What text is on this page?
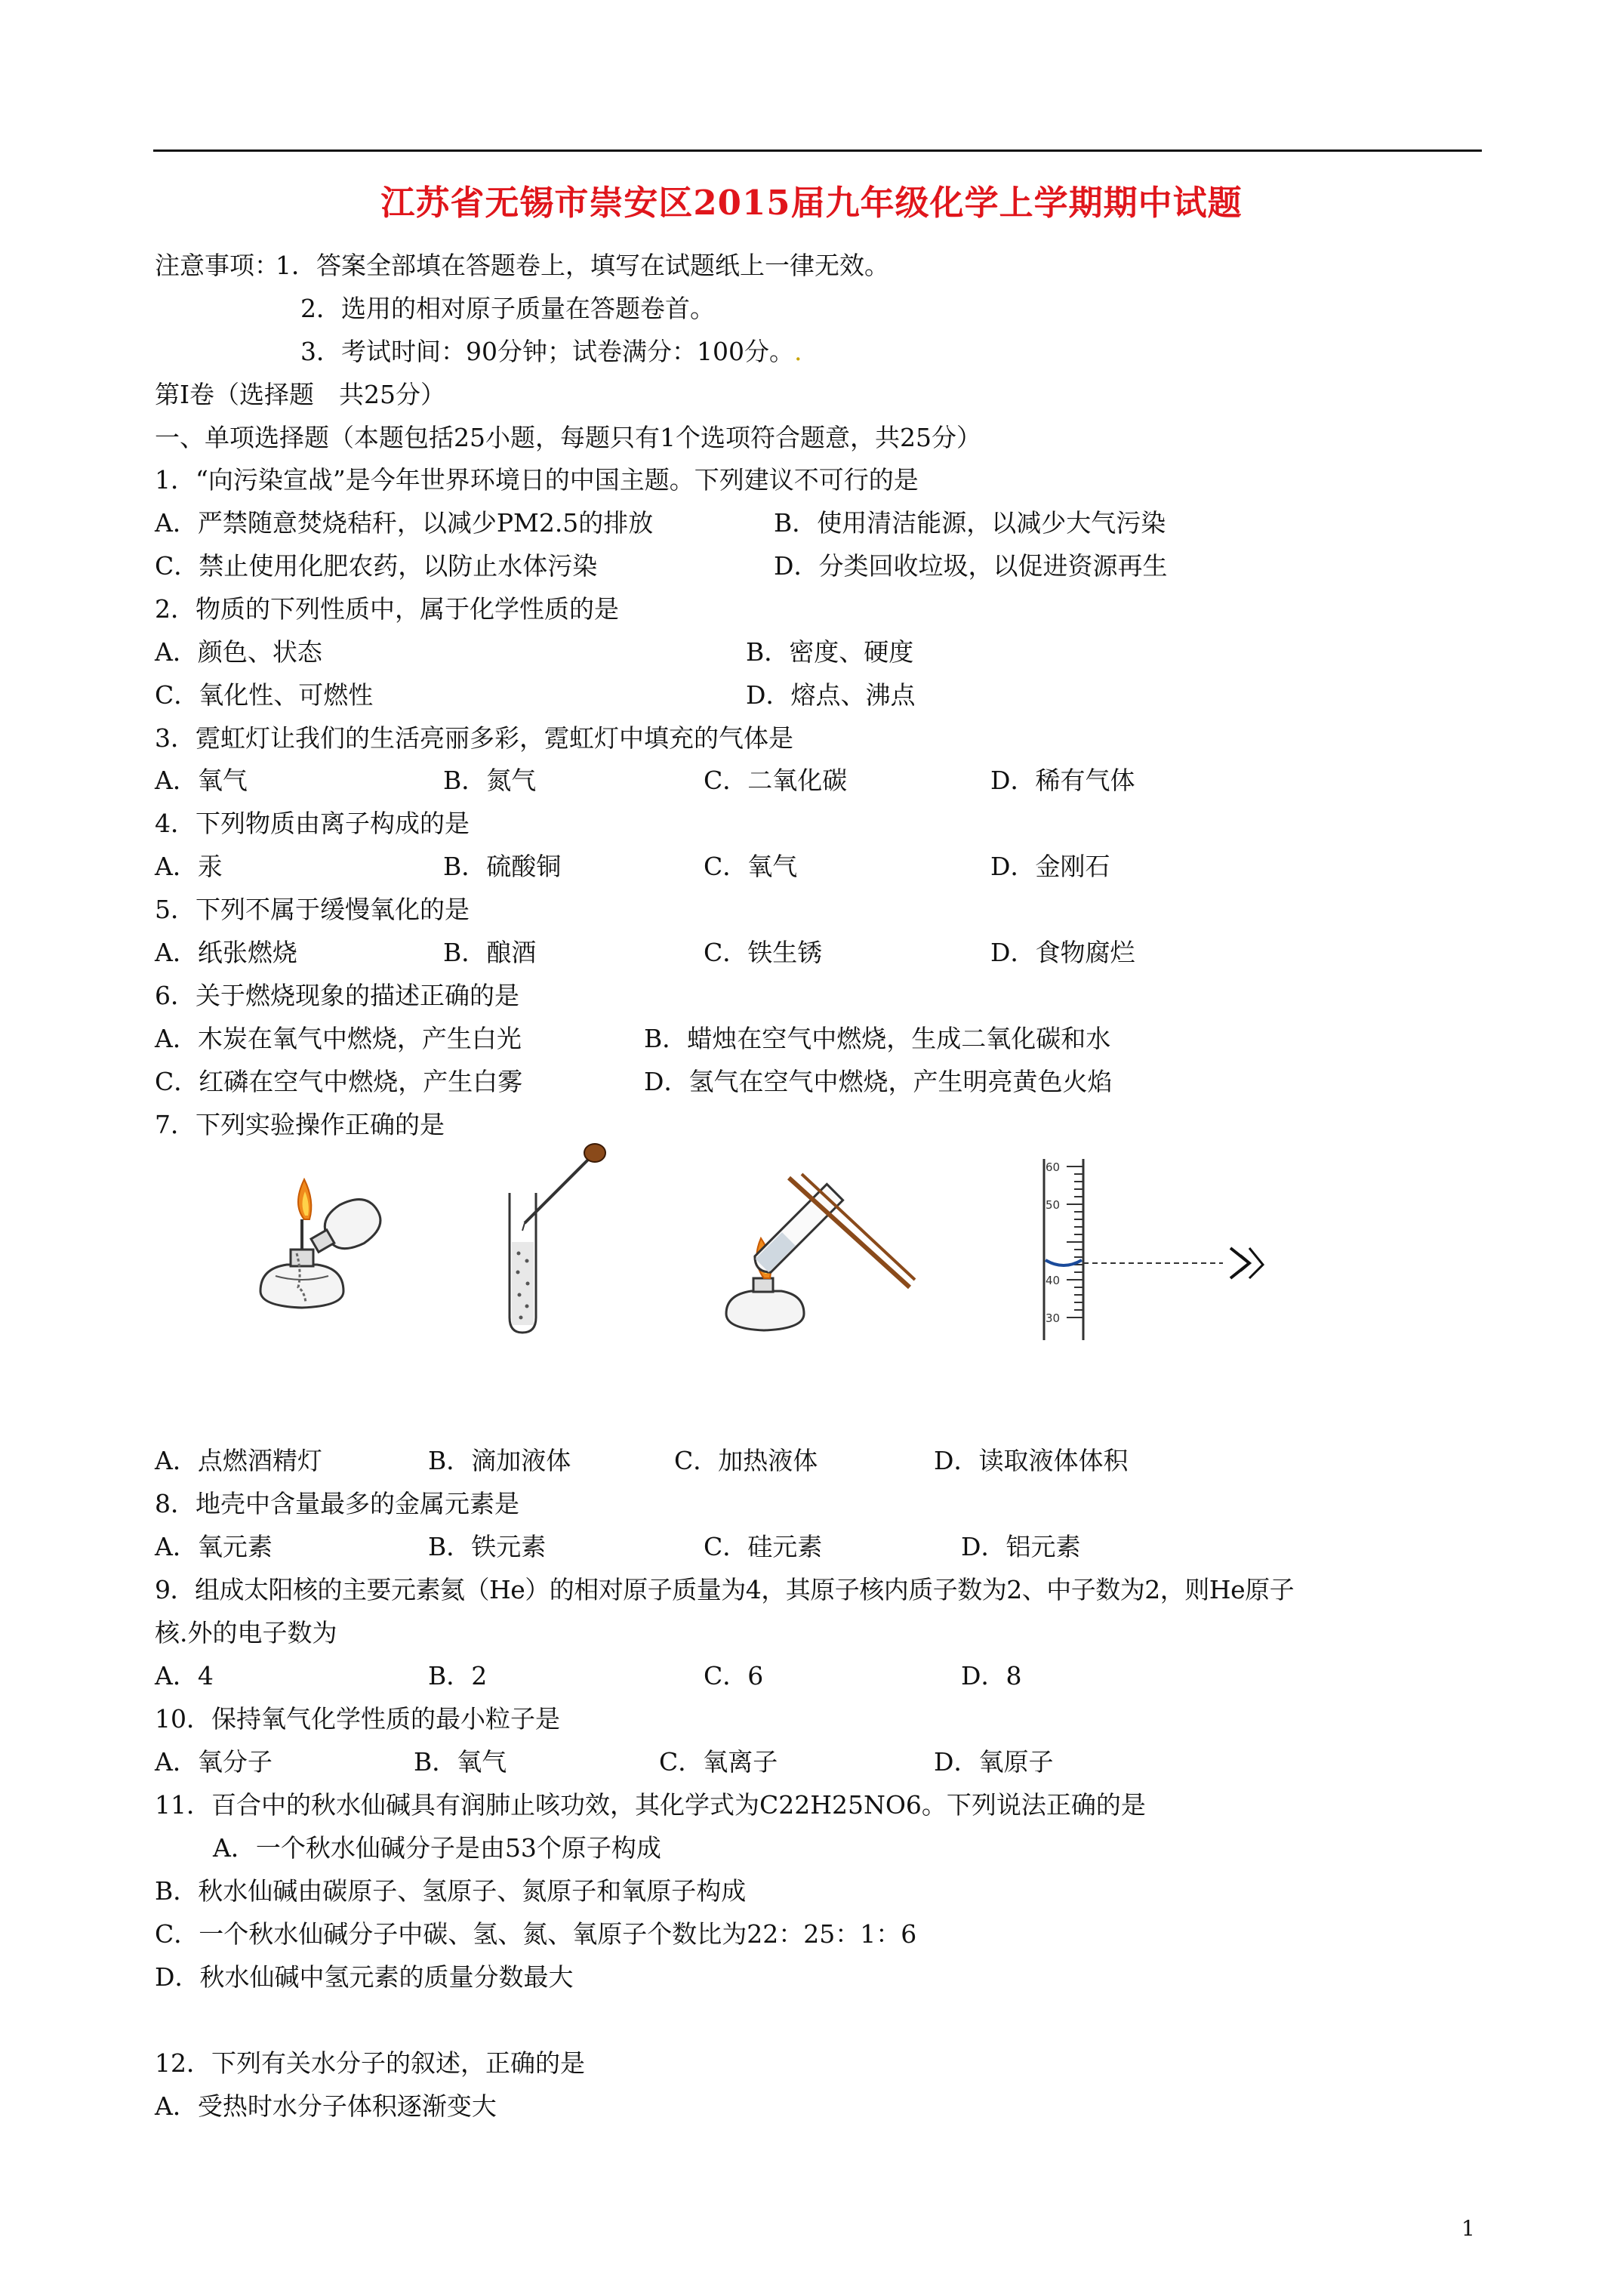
江苏省无锡市崇安区2015届九年级化学上学期期中试题
注意事项：
1．答案全部填在答题卷上，填写在试题纸上一律无效。
2．选用的相对原子质量在答题卷首。
3．考试时间：90分钟；试卷满分：100分。.
第I卷（选择题　共25分）
一、单项选择题（本题包括25小题，每题只有1个选项符合题意，共25分）
1．“向污染宣战”是今年世界环境日的中国主题。下列建议不可行的是
A．严禁随意焚烧秸秆，以减少PM2.5的排放	B．使用清洁能源，以减少大气污染
C．禁止使用化肥农药，以防止水体污染	D．分类回收垃圾，以促进资源再生
2．物质的下列性质中，属于化学性质的是
A．颜色、状态	B．密度、硬度
C．氧化性、可燃性	D．熔点、沸点
3．霓虹灯让我们的生活亮丽多彩，霓虹灯中填充的气体是
A．氧气	B．氮气	C．二氧化碳	D．稀有气体
4．下列物质由离子构成的是
A．汞	B．硫酸铜	C．氧气	D．金刚石
5．下列不属于缓慢氧化的是
A．纸张燃烧	B．酿酒	C．铁生锈	D．食物腐烂
6．关于燃烧现象的描述正确的是
A．木炭在氧气中燃烧，产生白光	B．蜡烛在空气中燃烧，生成二氧化碳和水
C．红磷在空气中燃烧，产生白雾	D．氢气在空气中燃烧，产生明亮黄色火焰
7．下列实验操作正确的是
60
50
40
30
A．点燃酒精灯	B．滴加液体	C．加热液体	D．读取液体体积
8．地壳中含量最多的金属元素是
A．氧元素	B．铁元素	C．硅元素	D．铝元素
9．组成太阳核的主要元素氦（He）的相对原子质量为4，其原子核内质子数为2、中子数为2，则He原子
核.外的电子数为
A．4	B．2	C．6	D．8
10．保持氧气化学性质的最小粒子是
A．氧分子	B．氧气	C．氧离子	D．氧原子
11．百合中的秋水仙碱具有润肺止咳功效，其化学式为C22H25NO6。下列说法正确的是
A．一个秋水仙碱分子是由53个原子构成
B．秋水仙碱由碳原子、氢原子、氮原子和氧原子构成
C．一个秋水仙碱分子中碳、氢、氮、氧原子个数比为22：25：1：6
D．秋水仙碱中氢元素的质量分数最大
12．下列有关水分子的叙述，正确的是
A．受热时水分子体积逐渐变大
1
